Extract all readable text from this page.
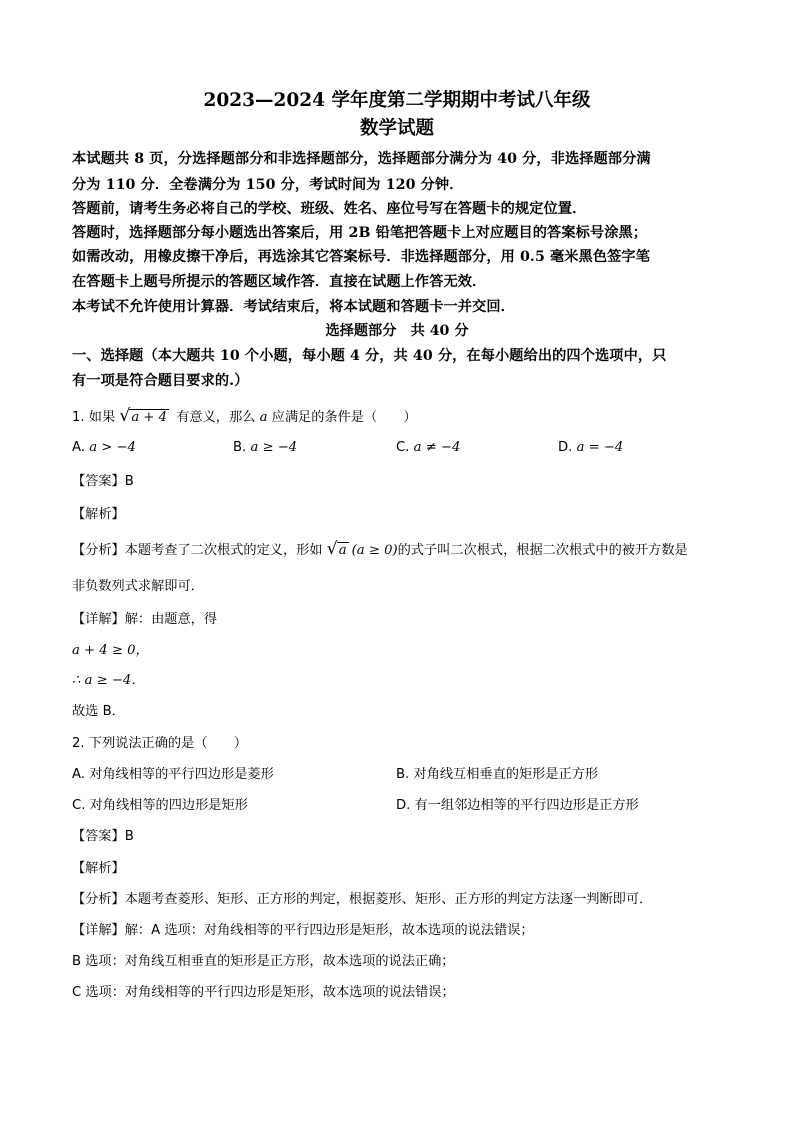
2023—2024 学年度第二学期期中考试八年级
数学试题
本试题共 8 页，分选择题部分和非选择题部分，选择题部分满分为 40 分，非选择题部分满
分为 110 分．全卷满分为 150 分，考试时间为 120 分钟．
答题前，请考生务必将自己的学校、班级、姓名、座位号写在答题卡的规定位置．
答题时，选择题部分每小题选出答案后，用 2B 铅笔把答题卡上对应题目的答案标号涂黑；
如需改动，用橡皮擦干净后，再选涂其它答案标号．非选择题部分，用 0.5 毫米黑色签字笔
在答题卡上题号所提示的答题区域作答．直接在试题上作答无效．
本考试不允许使用计算器．考试结束后，将本试题和答题卡一并交回．
选择题部分　共 40 分
一、选择题（本大题共 10 个小题，每小题 4 分，共 40 分，在每小题给出的四个选项中，只
有一项是符合题目要求的.）
1. 如果 √ a + 4 有意义，那么 a 应满足的条件是（　　）
A. a > −4	B. a ≥ −4	C. a ≠ −4	D. a = −4
【答案】B
【解析】
【分析】本题考查了二次根式的定义，形如 √ a (a ≥ 0)的式子叫二次根式，根据二次根式中的被开方数是
非负数列式求解即可．
【详解】解：由题意，得
a + 4 ≥ 0，
∴ a ≥ −4．
故选 B．
2. 下列说法正确的是（　　）
A. 对角线相等的平行四边形是菱形	B. 对角线互相垂直的矩形是正方形
C. 对角线相等的四边形是矩形	D. 有一组邻边相等的平行四边形是正方形
【答案】B
【解析】
【分析】本题考查菱形、矩形、正方形的判定，根据菱形、矩形、正方形的判定方法逐一判断即可．
【详解】解：A 选项：对角线相等的平行四边形是矩形，故本选项的说法错误；
B 选项：对角线互相垂直的矩形是正方形，故本选项的说法正确；
C 选项：对角线相等的平行四边形是矩形，故本选项的说法错误；
